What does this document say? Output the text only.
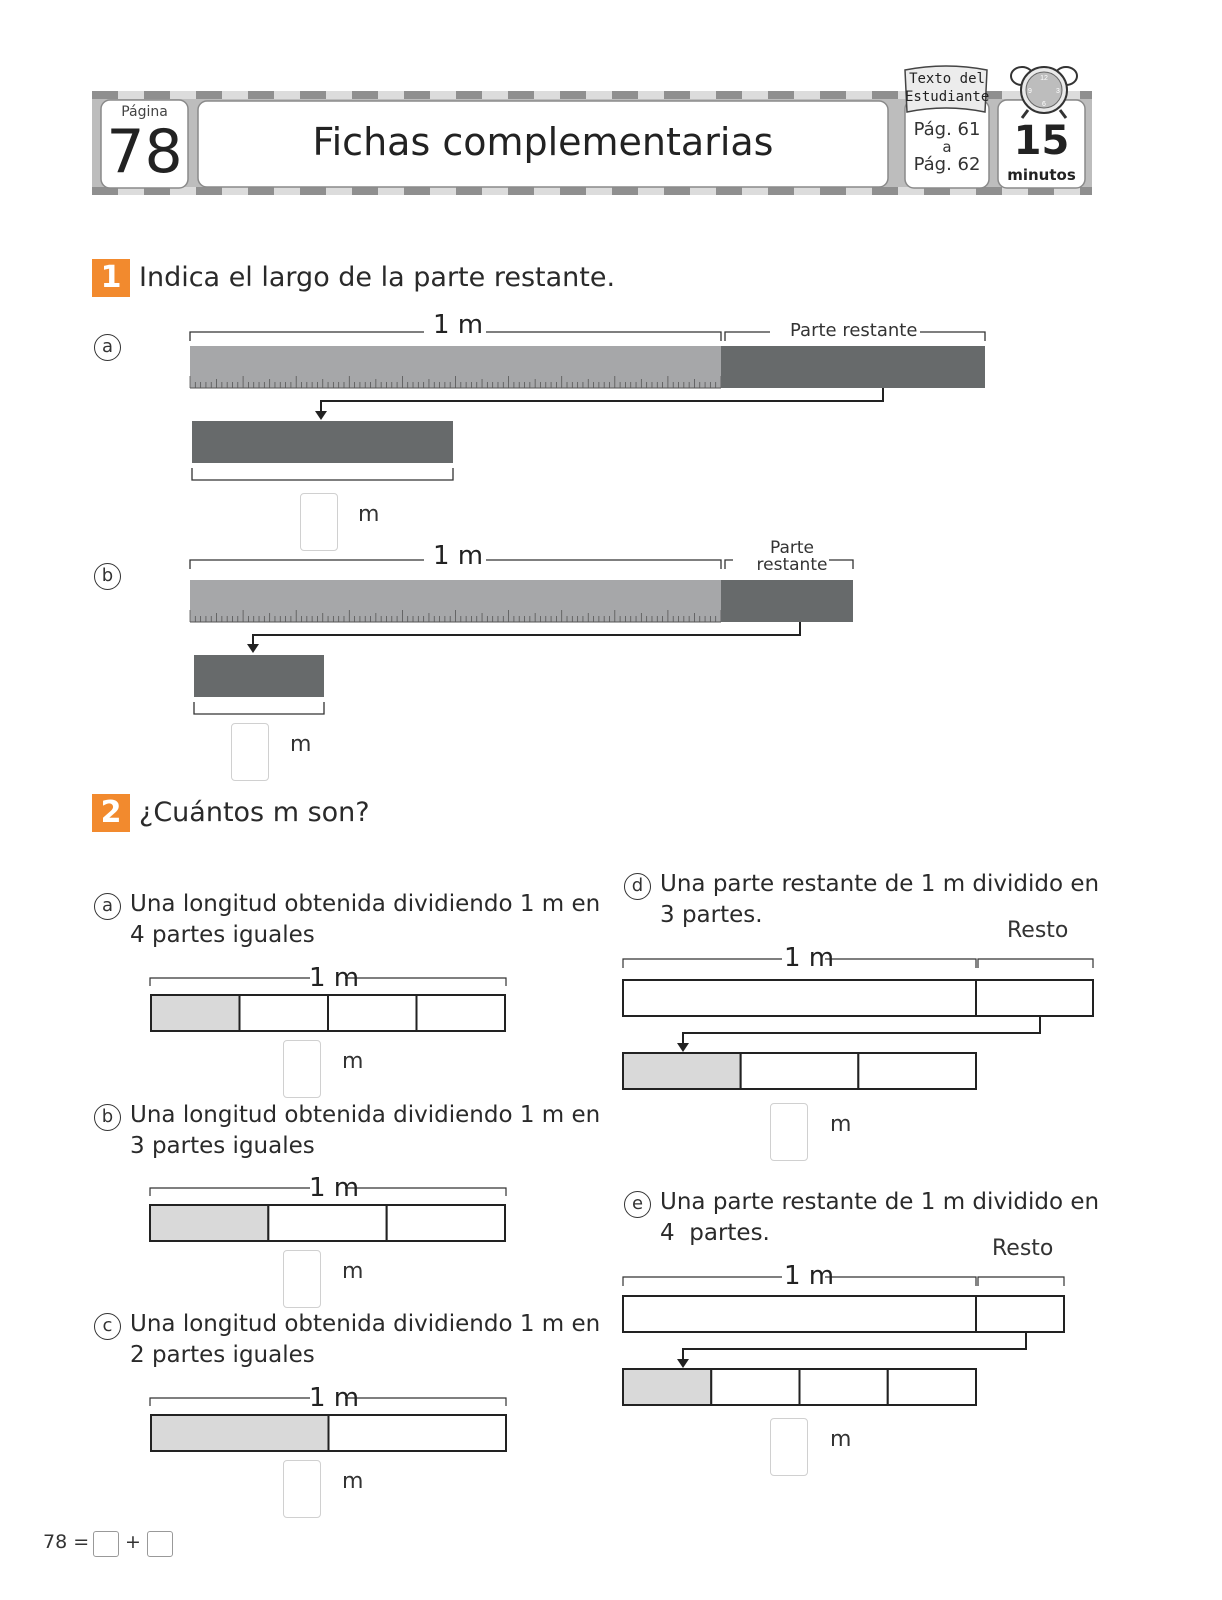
Página
78	Fichas complementarias
Texto del
Estudiante
Pág. 61
a
Pág. 62
12
3
6
9
15
minutos
1 Indica el largo de la parte restante.
a
1 m	Parte restante
m
b
1 m	Parte
restante
m
2 ¿Cuántos m son?
a Una longitud obtenida dividiendo 1 m en
4 partes iguales
1 m
m
b Una longitud obtenida dividiendo 1 m en
3 partes iguales
1 m
m
c Una longitud obtenida dividiendo 1 m en
2 partes iguales
1 m
m
d Una parte restante de 1 m dividido en
3 partes.
Resto
1 m
m
e Una parte restante de 1 m dividido en
4  partes.
Resto
1 m
m
78 = +
